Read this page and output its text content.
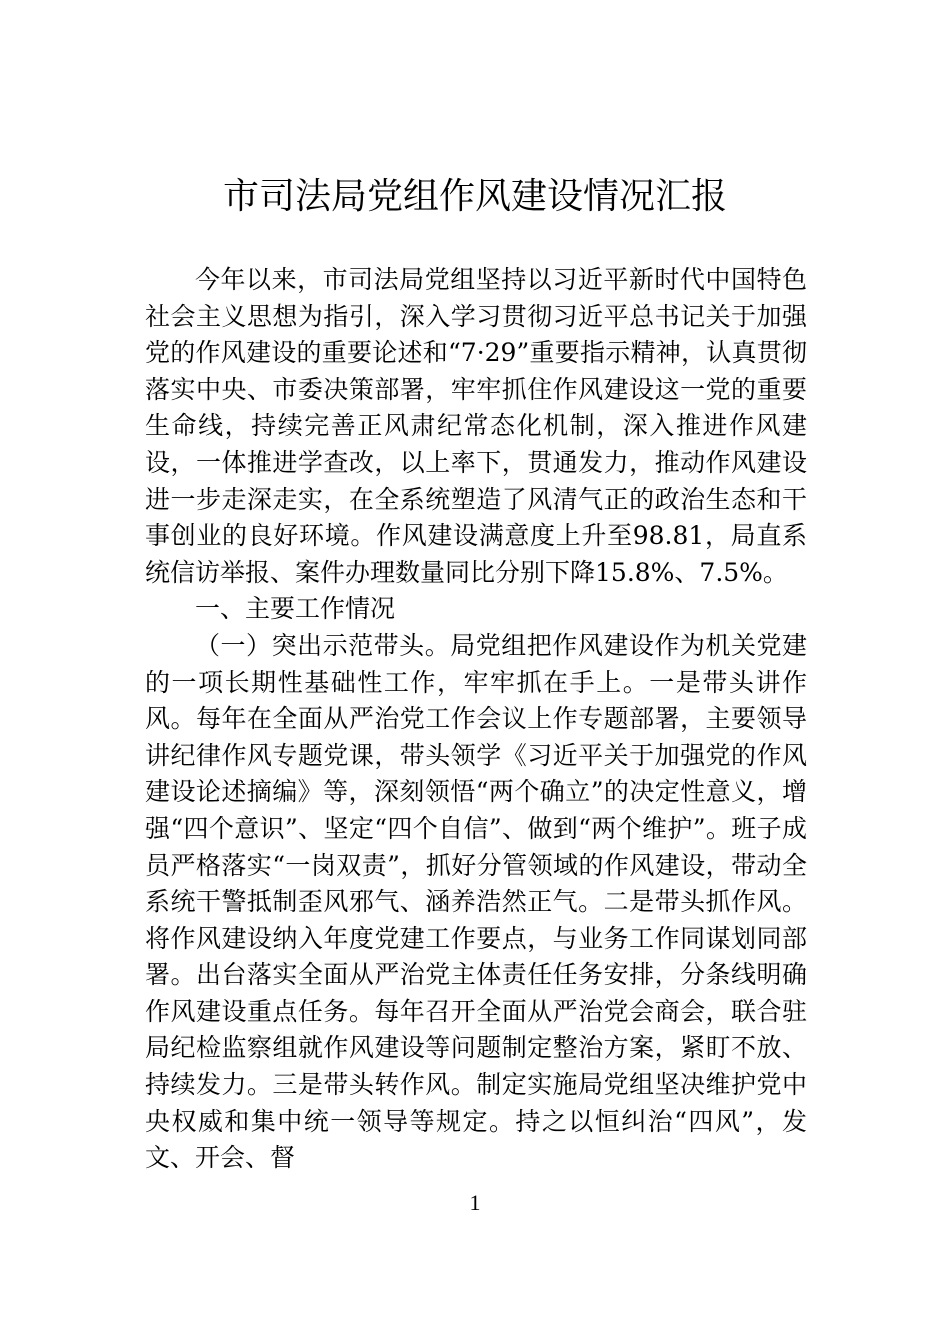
市司法局党组作风建设情况汇报

今年以来，市司法局党组坚持以习近平新时代中国特色社会主义思想为指引，深入学习贯彻习近平总书记关于加强党的作风建设的重要论述和“7·29”重要指示精神，认真贯彻落实中央、市委决策部署，牢牢抓住作风建设这一党的重要生命线，持续完善正风肃纪常态化机制，深入推进作风建设，一体推进学查改，以上率下，贯通发力，推动作风建设进一步走深走实，在全系统塑造了风清气正的政治生态和干事创业的良好环境。作风建设满意度上升至98.81，局直系统信访举报、案件办理数量同比分别下降15.8%、7.5%。

一、主要工作情况

（一）突出示范带头。局党组把作风建设作为机关党建的一项长期性基础性工作，牢牢抓在手上。一是带头讲作风。每年在全面从严治党工作会议上作专题部署，主要领导讲纪律作风专题党课，带头领学《习近平关于加强党的作风建设论述摘编》等，深刻领悟“两个确立”的决定性意义，增强“四个意识”、坚定“四个自信”、做到“两个维护”。班子成员严格落实“一岗双责”，抓好分管领域的作风建设，带动全系统干警抵制歪风邪气、涵养浩然正气。二是带头抓作风。将作风建设纳入年度党建工作要点，与业务工作同谋划同部署。出台落实全面从严治党主体责任任务安排，分条线明确作风建设重点任务。每年召开全面从严治党会商会，联合驻局纪检监察组就作风建设等问题制定整治方案，紧盯不放、持续发力。三是带头转作风。制定实施局党组坚决维护党中央权威和集中统一领导等规定。持之以恒纠治“四风”，发文、开会、督

1
